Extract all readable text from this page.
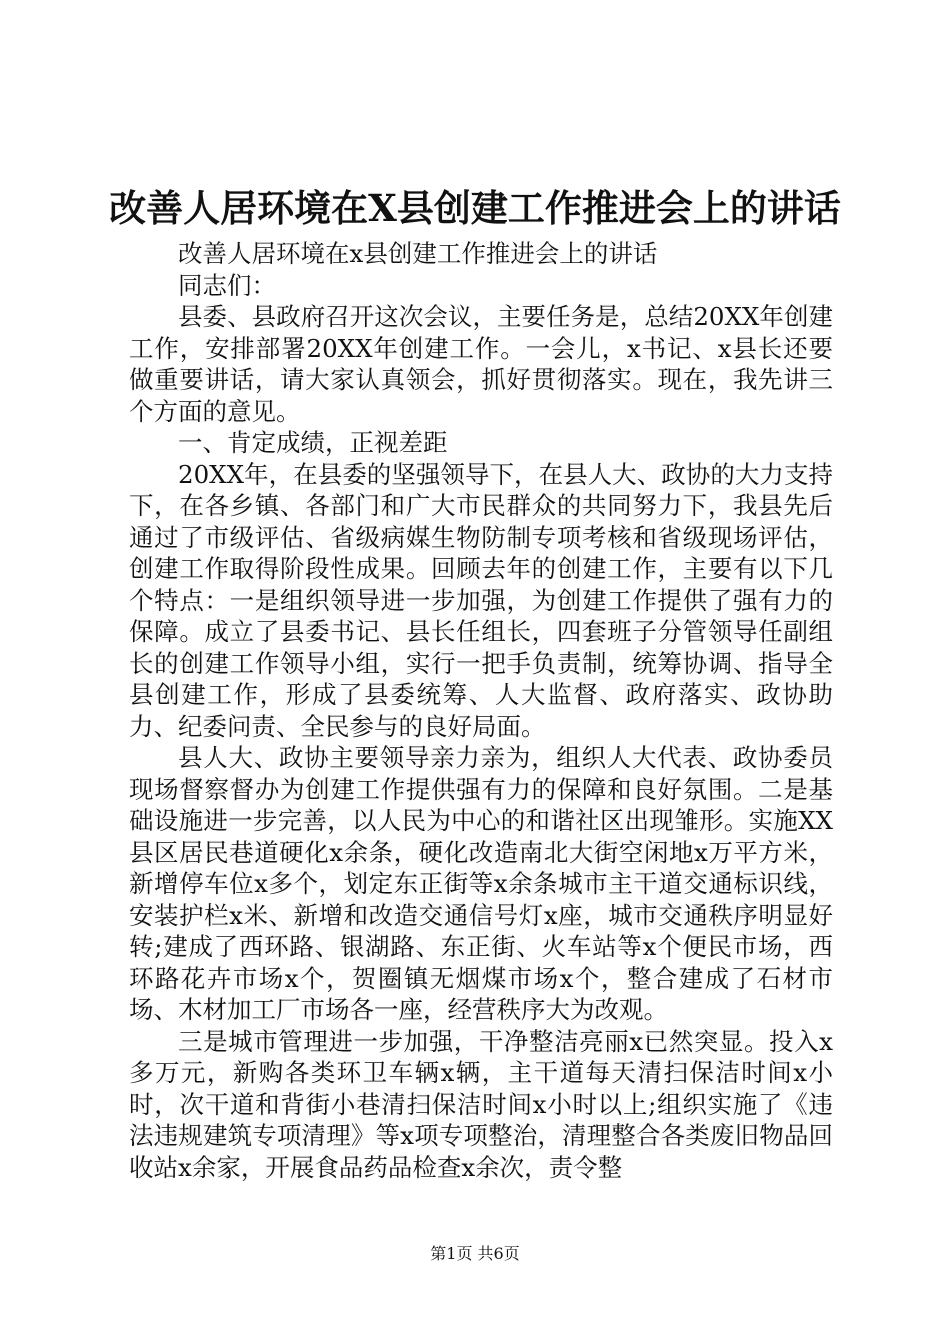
改善人居环境在X县创建工作推进会上的讲话

改善人居环境在x县创建工作推进会上的讲话

同志们：

县委、县政府召开这次会议，主要任务是，总结20XX年创建工作，安排部署20XX年创建工作。一会儿，x书记、x县长还要做重要讲话，请大家认真领会，抓好贯彻落实。现在，我先讲三个方面的意见。

一、肯定成绩，正视差距

20XX年，在县委的坚强领导下，在县人大、政协的大力支持下，在各乡镇、各部门和广大市民群众的共同努力下，我县先后通过了市级评估、省级病媒生物防制专项考核和省级现场评估，创建工作取得阶段性成果。回顾去年的创建工作，主要有以下几个特点：一是组织领导进一步加强，为创建工作提供了强有力的保障。成立了县委书记、县长任组长，四套班子分管领导任副组长的创建工作领导小组，实行一把手负责制，统筹协调、指导全县创建工作，形成了县委统筹、人大监督、政府落实、政协助力、纪委问责、全民参与的良好局面。

县人大、政协主要领导亲力亲为，组织人大代表、政协委员现场督察督办为创建工作提供强有力的保障和良好氛围。二是基础设施进一步完善，以人民为中心的和谐社区出现雏形。实施XX县区居民巷道硬化x余条，硬化改造南北大街空闲地x万平方米，新增停车位x多个，划定东正街等x余条城市主干道交通标识线，安装护栏x米、新增和改造交通信号灯x座，城市交通秩序明显好转;建成了西环路、银湖路、东正街、火车站等x个便民市场，西环路花卉市场x个，贺圈镇无烟煤市场x个，整合建成了石材市场、木材加工厂市场各一座，经营秩序大为改观。

三是城市管理进一步加强，干净整洁亮丽x已然突显。投入x多万元，新购各类环卫车辆x辆，主干道每天清扫保洁时间x小时，次干道和背街小巷清扫保洁时间x小时以上;组织实施了《违法违规建筑专项清理》等x项专项整治，清理整合各类废旧物品回收站x余家，开展食品药品检查x余次，责令整

第1页 共6页
